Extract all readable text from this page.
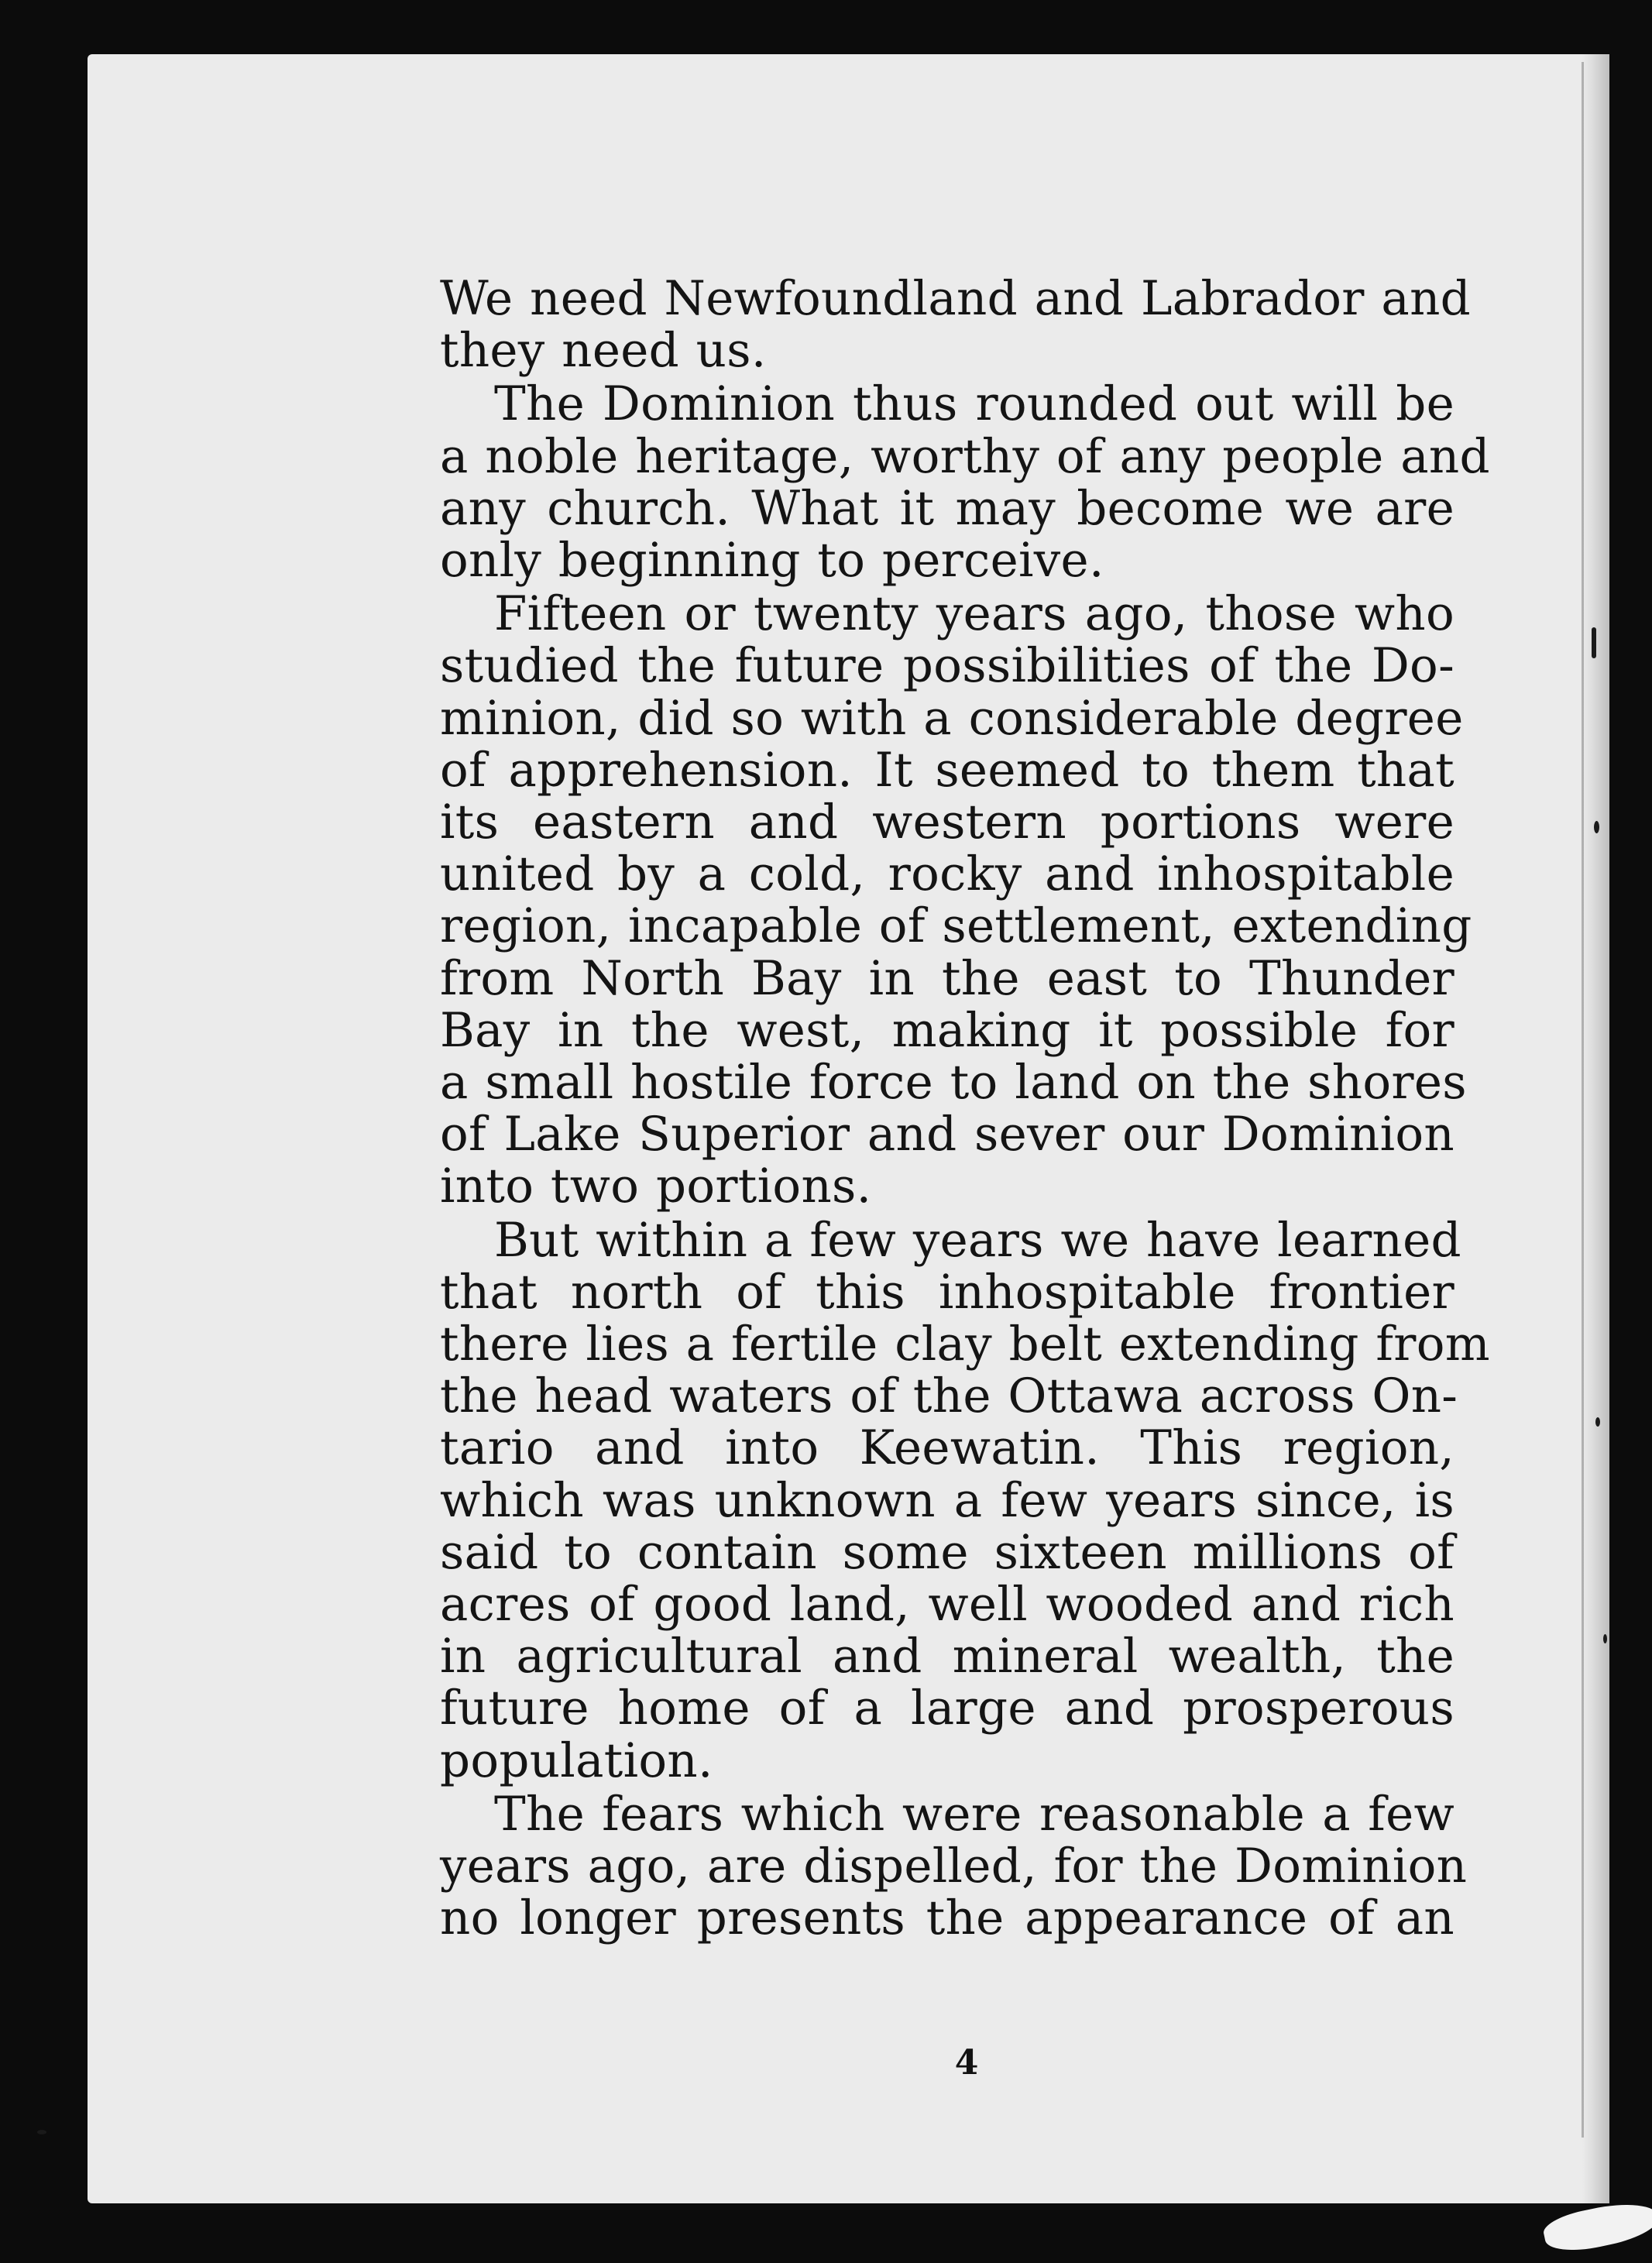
We need Newfoundland and Labrador and
they need us.
The Dominion thus rounded out will be
a noble heritage, worthy of any people and
any church. What it may become we are
only beginning to perceive.
Fifteen or twenty years ago, those who
studied the future possibilities of the Do-
minion, did so with a considerable degree
of apprehension. It seemed to them that
its eastern and western portions were
united by a cold, rocky and inhospitable
region, incapable of settlement, extending
from North Bay in the east to Thunder
Bay in the west, making it possible for
a small hostile force to land on the shores
of Lake Superior and sever our Dominion
into two portions.
But within a few years we have learned
that north of this inhospitable frontier
there lies a fertile clay belt extending from
the head waters of the Ottawa across On-
tario and into Keewatin. This region,
which was unknown a few years since, is
said to contain some sixteen millions of
acres of good land, well wooded and rich
in agricultural and mineral wealth, the
future home of a large and prosperous
population.
The fears which were reasonable a few
years ago, are dispelled, for the Dominion
no longer presents the appearance of an
4
